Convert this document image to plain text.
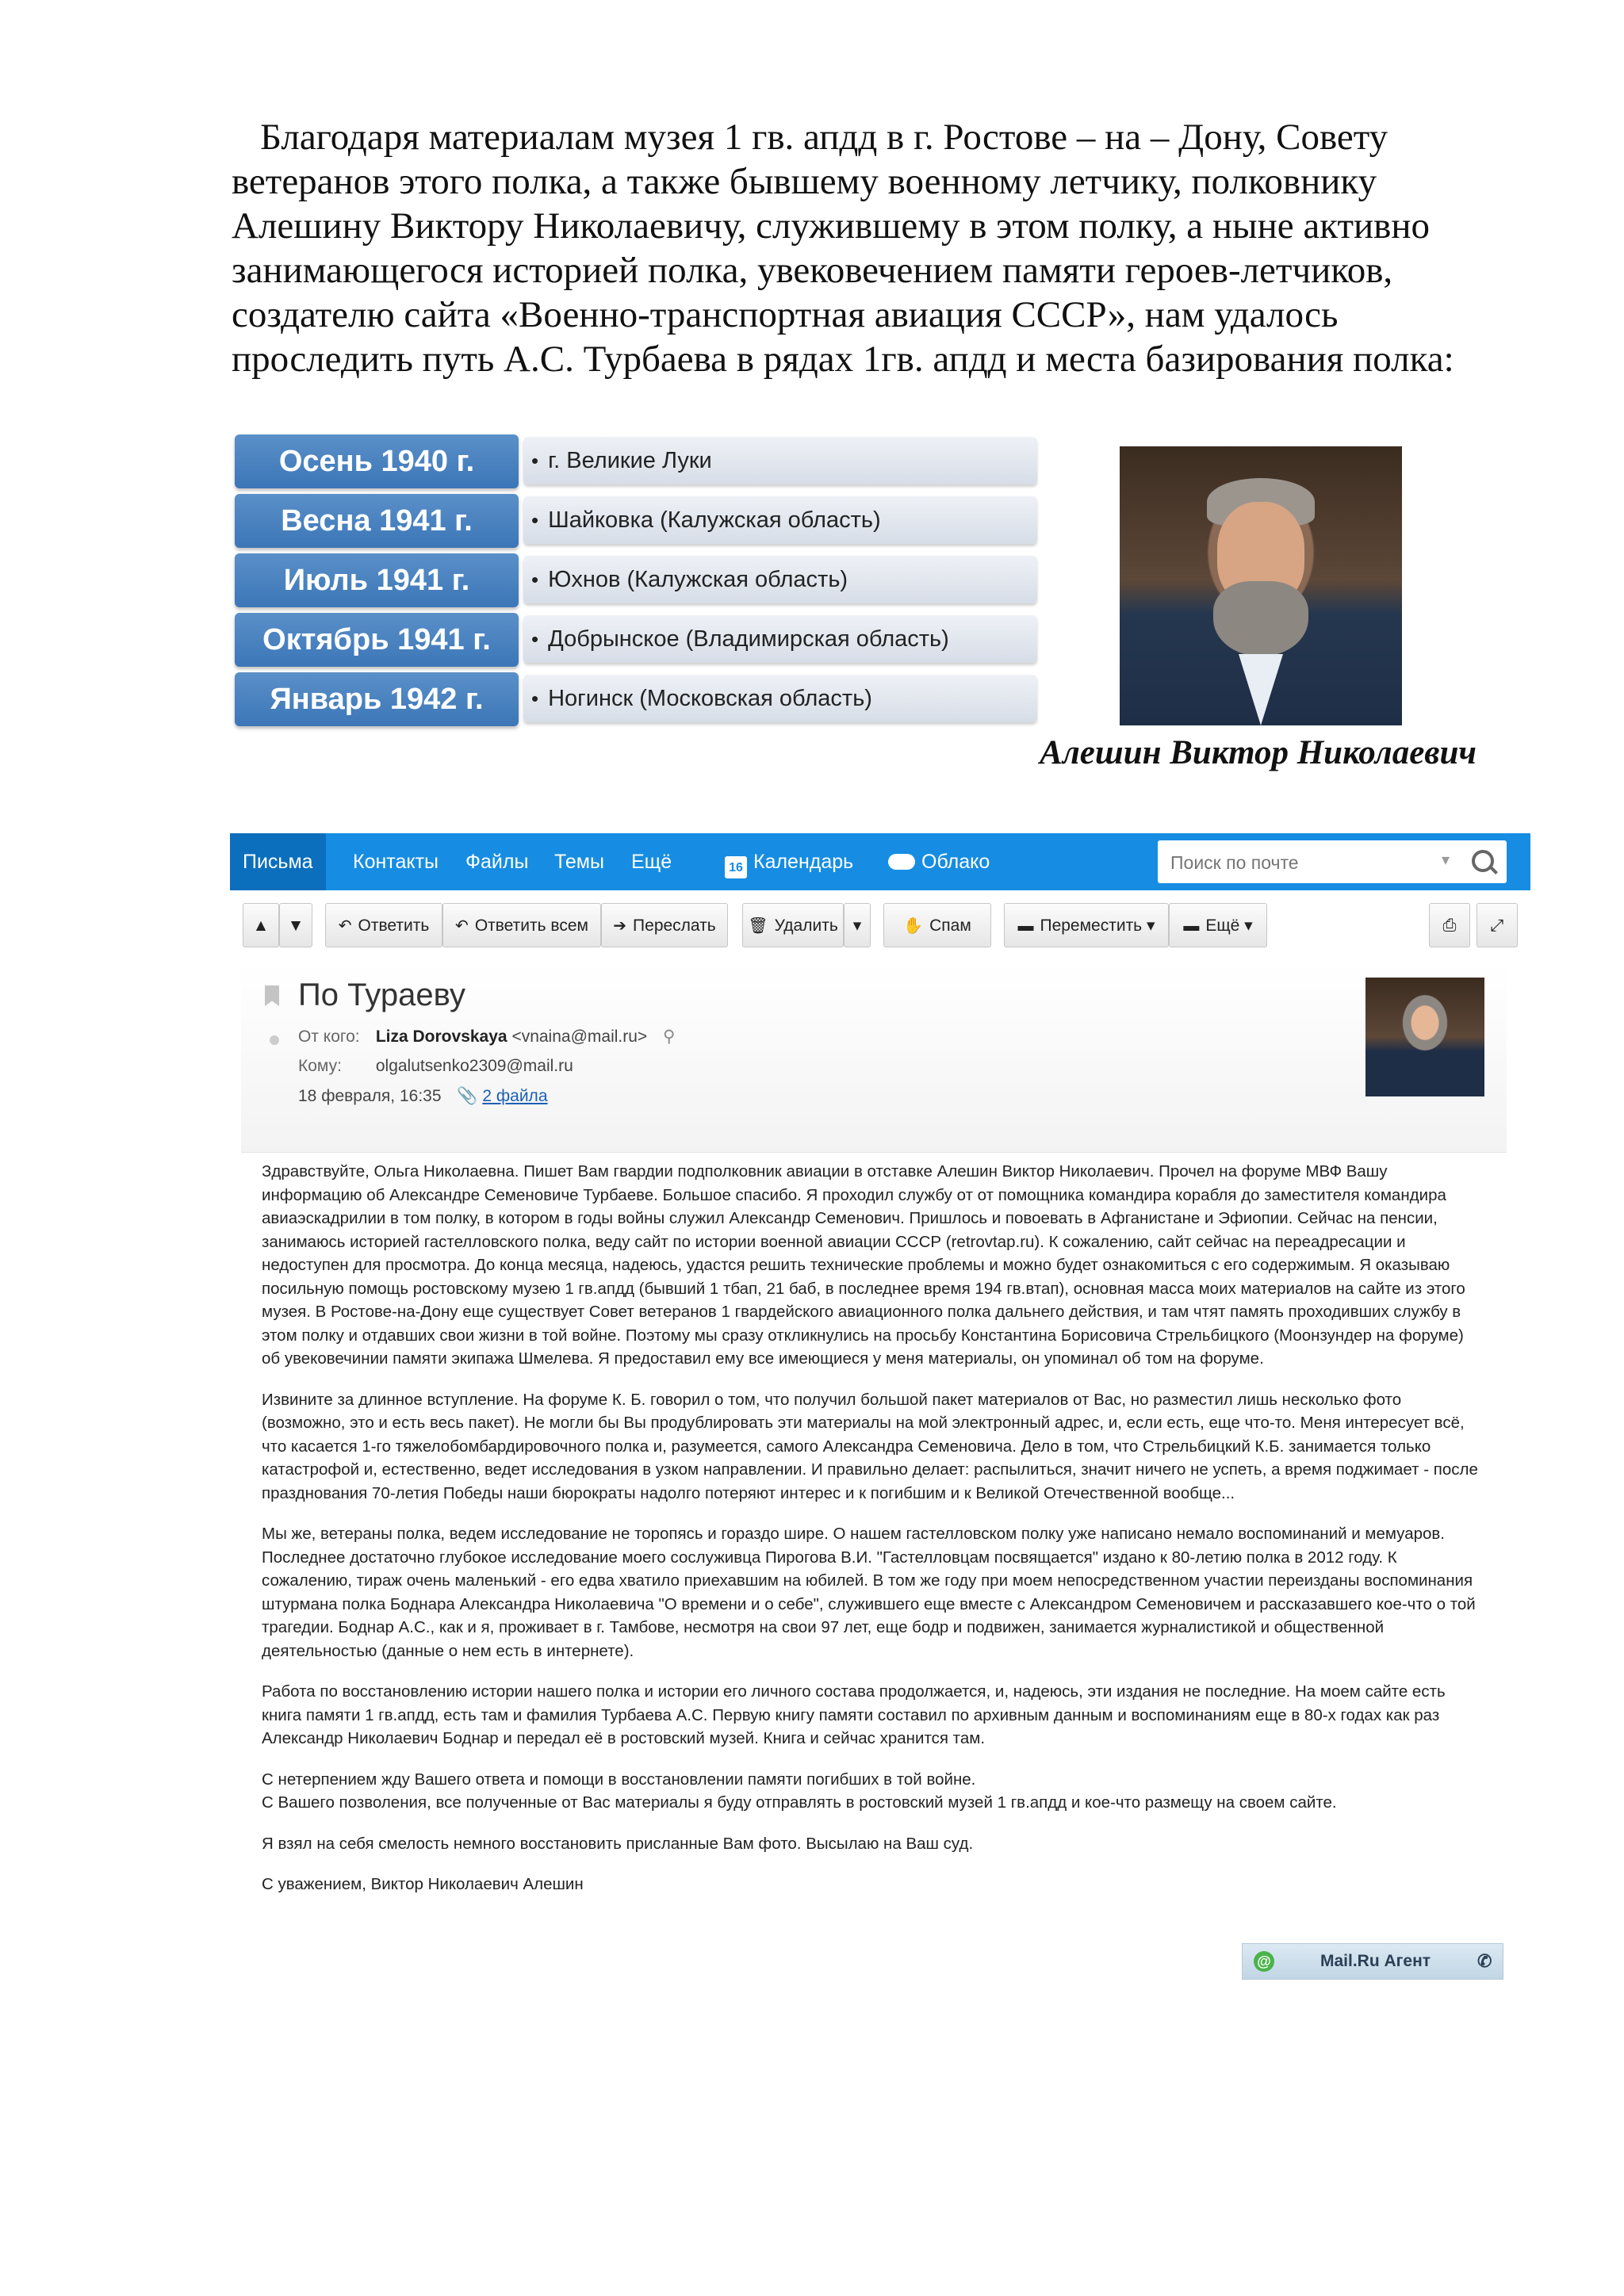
Благодаря материалам музея 1 гв. апдд в г. Ростове – на – Дону, Совету ветеранов этого полка, а также бывшему военному летчику, полковнику Алешину Виктору Николаевичу, служившему в этом полку, а ныне активно занимающегося историей полка, увековечением памяти героев-летчиков, создателю сайта «Военно-транспортная авиация СССР», нам удалось проследить путь А.С. Турбаева в рядах 1гв. апдд и места базирования полка:

Осень 1940 г.	• г. Великие Луки
Весна 1941 г.	• Шайковка (Калужская область)
Июль 1941 г.	• Юхнов (Калужская область)
Октябрь 1941 г.	• Добрынское (Владимирская область)
Январь 1942 г.	• Ногинск (Московская область)
Алешин Виктор Николаевич
Письма	Контакты Файлы Темы Ещё	16 Календарь	Облако
Поиск по почте	▾
▲	▼	↶ Ответить	↶ Ответить всем	➔ Переслать	🗑 Удалить ▾	✋ Спам	▬ Переместить ▾	▬ Ещё ▾	⎙	⤢
По Тураеву
От кого: Liza Dorovskaya <vnaina@mail.ru> ⚲
Кому: olgalutsenko2309@mail.ru
18 февраля, 16:35 📎 2 файла

Здравствуйте, Ольга Николаевна. Пишет Вам гвардии подполковник авиации в отставке Алешин Виктор Николаевич. Прочел на форуме МВФ Вашу информацию об Александре Семеновиче Турбаеве. Большое спасибо. Я проходил службу от от помощника командира корабля до заместителя командира авиаэскадрилии в том полку, в котором в годы войны служил Александр Семенович. Пришлось и повоевать в Афганистане и Эфиопии. Сейчас на пенсии, занимаюсь историей гастелловского полка, веду сайт по истории военной авиации СССР (retrovtap.ru). К сожалению, сайт сейчас на переадресации и недоступен для просмотра. До конца месяца, надеюсь, удастся решить технические проблемы и можно будет ознакомиться с его содержимым. Я оказываю посильную помощь ростовскому музею 1 гв.апдд (бывший 1 тбап, 21 баб, в последнее время 194 гв.втап), основная масса моих материалов на сайте из этого музея. В Ростове-на-Дону еще существует Совет ветеранов 1 гвардейского авиационного полка дальнего действия, и там чтят память проходивших службу в этом полку и отдавших свои жизни в той войне. Поэтому мы сразу откликнулись на просьбу Константина Борисовича Стрельбицкого (Моонзундер на форуме) об увековечинии памяти экипажа Шмелева. Я предоставил ему все имеющиеся у меня материалы, он упоминал об том на форуме.

Извините за длинное вступление. На форуме К. Б. говорил о том, что получил большой пакет материалов от Вас, но разместил лишь несколько фото (возможно, это и есть весь пакет). Не могли бы Вы продублировать эти материалы на мой электронный адрес, и, если есть, еще что-то. Меня интересует всё, что касается 1-го тяжелобомбардировочного полка и, разумеется, самого Александра Семеновича. Дело в том, что Стрельбицкий К.Б. занимается только катастрофой и, естественно, ведет исследования в узком направлении. И правильно делает: распылиться, значит ничего не успеть, а время поджимает - после празднования 70-летия Победы наши бюрократы надолго потеряют интерес и к погибшим и к Великой Отечественной вообще...

Мы же, ветераны полка, ведем исследование не торопясь и гораздо шире. О нашем гастелловском полку уже написано немало воспоминаний и мемуаров. Последнее достаточно глубокое исследование моего сослуживца Пирогова В.И. "Гастелловцам посвящается" издано к 80-летию полка в 2012 году. К сожалению, тираж очень маленький - его едва хватило приехавшим на юбилей. В том же году при моем непосредственном участии переизданы воспоминания штурмана полка Боднара Александра Николаевича "О времени и о себе", служившего еще вместе с Александром Семеновичем и рассказавшего кое-что о той трагедии. Боднар А.С., как и я, проживает в г. Тамбове, несмотря на свои 97 лет, еще бодр и подвижен, занимается журналистикой и общественной деятельностью (данные о нем есть в интернете).

Работа по восстановлению истории нашего полка и истории его личного состава продолжается, и, надеюсь, эти издания не последние. На моем сайте есть книга памяти 1 гв.апдд, есть там и фамилия Турбаева А.С. Первую книгу памяти составил по архивным данным и воспоминаниям еще в 80-х годах как раз Александр Николаевич Боднар и передал её в ростовский музей. Книга и сейчас хранится там.

С нетерпением жду Вашего ответа и помощи в восстановлении памяти погибших в той войне.

С Вашего позволения, все полученные от Вас материалы я буду отправлять в ростовский музей 1 гв.апдд и кое-что размещу на своем сайте.

Я взял на себя смелость немного восстановить присланные Вам фото. Высылаю на Ваш суд.

С уважением, Виктор Николаевич Алешин

@	Mail.Ru Агент	✆
